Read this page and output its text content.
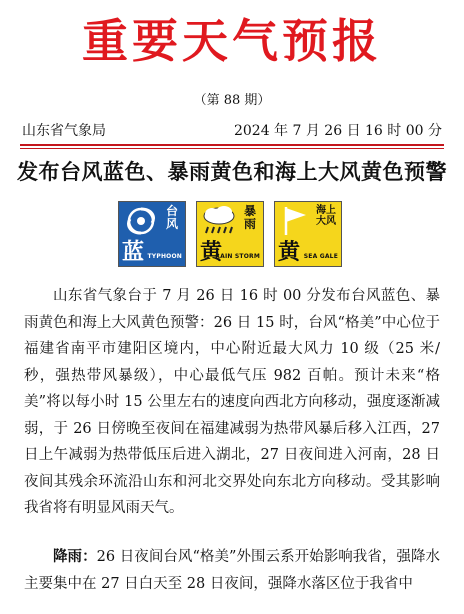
重要天气预报
（第 88 期）
山东省气象局	2024 年 7 月 26 日 16 时 00 分
发布台风蓝色、暴雨黄色和海上大风黄色预警
台风
蓝 TYPHOON
暴雨
黄
RAIN STORM
海上大风
黄 SEA GALE

山东省气象台于 7 月 26 日 16 时 00 分发布台风蓝色、暴雨黄色和海上大风黄色预警：26 日 15 时，台风“格美”中心位于福建省南平市建阳区境内，中心附近最大风力 10 级（25 米/秒，强热带风暴级），中心最低气压 982 百帕。预计未来“格美”将以每小时 15 公里左右的速度向西北方向移动，强度逐渐减弱，于 26 日傍晚至夜间在福建减弱为热带风暴后移入江西，27 日上午减弱为热带低压后进入湖北，27 日夜间进入河南，28 日夜间其残余环流沿山东和河北交界处向东北方向移动。受其影响我省将有明显风雨天气。

降雨：26 日夜间台风“格美”外围云系开始影响我省，强降水主要集中在 27 日白天至 28 日夜间，强降水落区位于我省中
